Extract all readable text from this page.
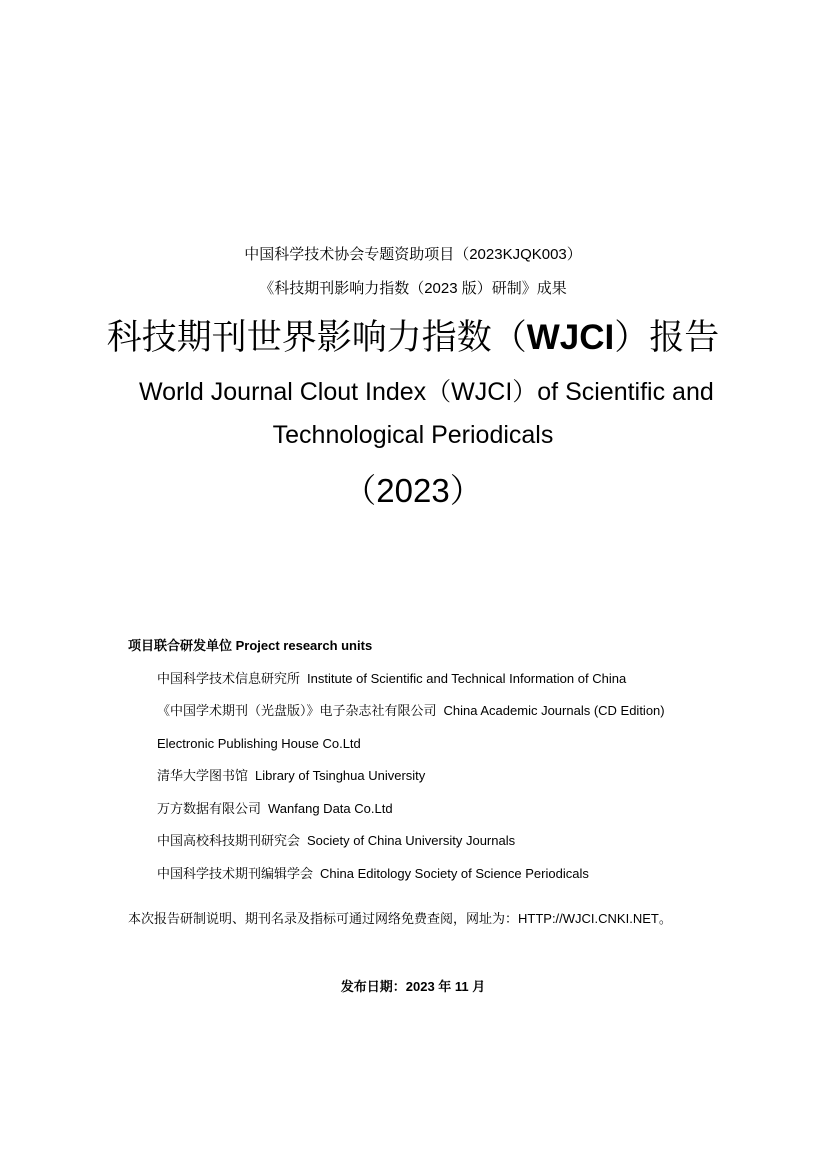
中国科学技术协会专题资助项目（2023KJQK003）
《科技期刊影响力指数（2023 版）研制》成果
科技期刊世界影响力指数（WJCI）报告
World Journal Clout Index（WJCI）of Scientific and
Technological Periodicals
（2023）
项目联合研发单位 Project research units
中国科学技术信息研究所 Institute of Scientific and Technical Information of China
《中国学术期刊（光盘版）》电子杂志社有限公司 China Academic Journals (CD Edition)
Electronic Publishing House Co.Ltd
清华大学图书馆 Library of Tsinghua University
万方数据有限公司 Wanfang Data Co.Ltd
中国高校科技期刊研究会 Society of China University Journals
中国科学技术期刊编辑学会 China Editology Society of Science Periodicals
本次报告研制说明、期刊名录及指标可通过网络免费查阅，网址为：HTTP://WJCI.CNKI.NET。
发布日期：2023 年 11 月
